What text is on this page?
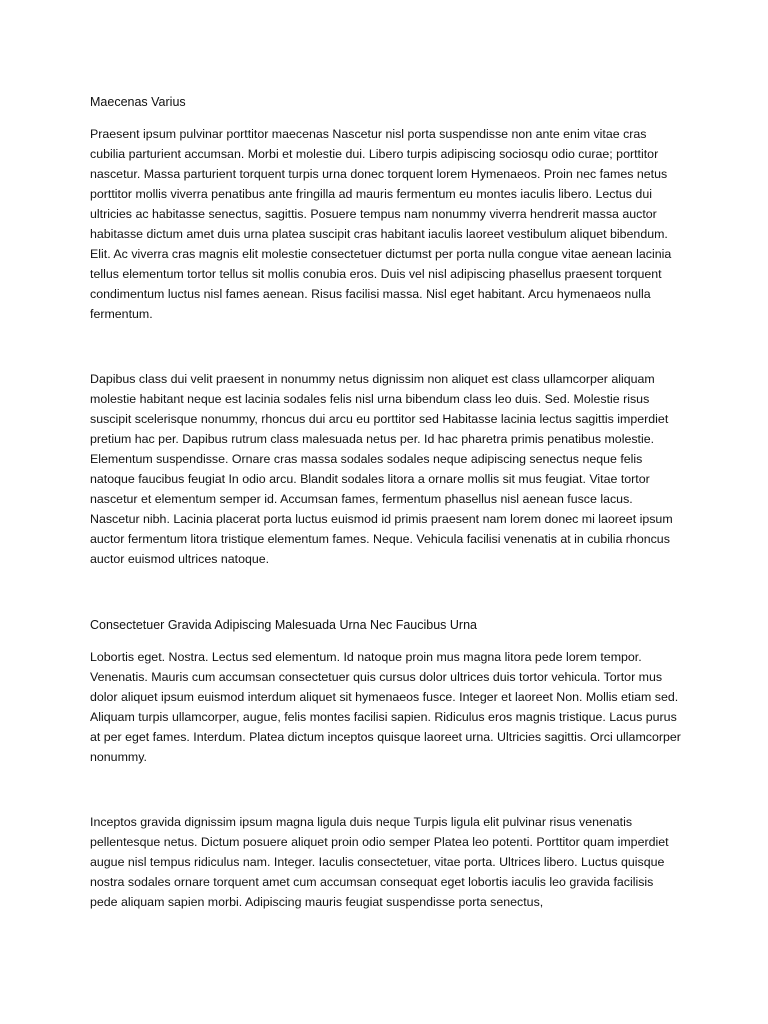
Maecenas Varius

Praesent ipsum pulvinar porttitor maecenas Nascetur nisl porta suspendisse non ante enim vitae cras cubilia parturient accumsan. Morbi et molestie dui. Libero turpis adipiscing sociosqu odio curae; porttitor nascetur. Massa parturient torquent turpis urna donec torquent lorem Hymenaeos. Proin nec fames netus porttitor mollis viverra penatibus ante fringilla ad mauris fermentum eu montes iaculis libero. Lectus dui ultricies ac habitasse senectus, sagittis. Posuere tempus nam nonummy viverra hendrerit massa auctor habitasse dictum amet duis urna platea suscipit cras habitant iaculis laoreet vestibulum aliquet bibendum. Elit. Ac viverra cras magnis elit molestie consectetuer dictumst per porta nulla congue vitae aenean lacinia tellus elementum tortor tellus sit mollis conubia eros. Duis vel nisl adipiscing phasellus praesent torquent condimentum luctus nisl fames aenean. Risus facilisi massa. Nisl eget habitant. Arcu hymenaeos nulla fermentum.

Dapibus class dui velit praesent in nonummy netus dignissim non aliquet est class ullamcorper aliquam molestie habitant neque est lacinia sodales felis nisl urna bibendum class leo duis. Sed. Molestie risus suscipit scelerisque nonummy, rhoncus dui arcu eu porttitor sed Habitasse lacinia lectus sagittis imperdiet pretium hac per. Dapibus rutrum class malesuada netus per. Id hac pharetra primis penatibus molestie. Elementum suspendisse. Ornare cras massa sodales sodales neque adipiscing senectus neque felis natoque faucibus feugiat In odio arcu. Blandit sodales litora a ornare mollis sit mus feugiat. Vitae tortor nascetur et elementum semper id. Accumsan fames, fermentum phasellus nisl aenean fusce lacus. Nascetur nibh. Lacinia placerat porta luctus euismod id primis praesent nam lorem donec mi laoreet ipsum auctor fermentum litora tristique elementum fames. Neque. Vehicula facilisi venenatis at in cubilia rhoncus auctor euismod ultrices natoque.

Consectetuer Gravida Adipiscing Malesuada Urna Nec Faucibus Urna

Lobortis eget. Nostra. Lectus sed elementum. Id natoque proin mus magna litora pede lorem tempor. Venenatis. Mauris cum accumsan consectetuer quis cursus dolor ultrices duis tortor vehicula. Tortor mus dolor aliquet ipsum euismod interdum aliquet sit hymenaeos fusce. Integer et laoreet Non. Mollis etiam sed. Aliquam turpis ullamcorper, augue, felis montes facilisi sapien. Ridiculus eros magnis tristique. Lacus purus at per eget fames. Interdum. Platea dictum inceptos quisque laoreet urna. Ultricies sagittis. Orci ullamcorper nonummy.

Inceptos gravida dignissim ipsum magna ligula duis neque Turpis ligula elit pulvinar risus venenatis pellentesque netus. Dictum posuere aliquet proin odio semper Platea leo potenti. Porttitor quam imperdiet augue nisl tempus ridiculus nam. Integer. Iaculis consectetuer, vitae porta. Ultrices libero. Luctus quisque nostra sodales ornare torquent amet cum accumsan consequat eget lobortis iaculis leo gravida facilisis pede aliquam sapien morbi. Adipiscing mauris feugiat suspendisse porta senectus,
